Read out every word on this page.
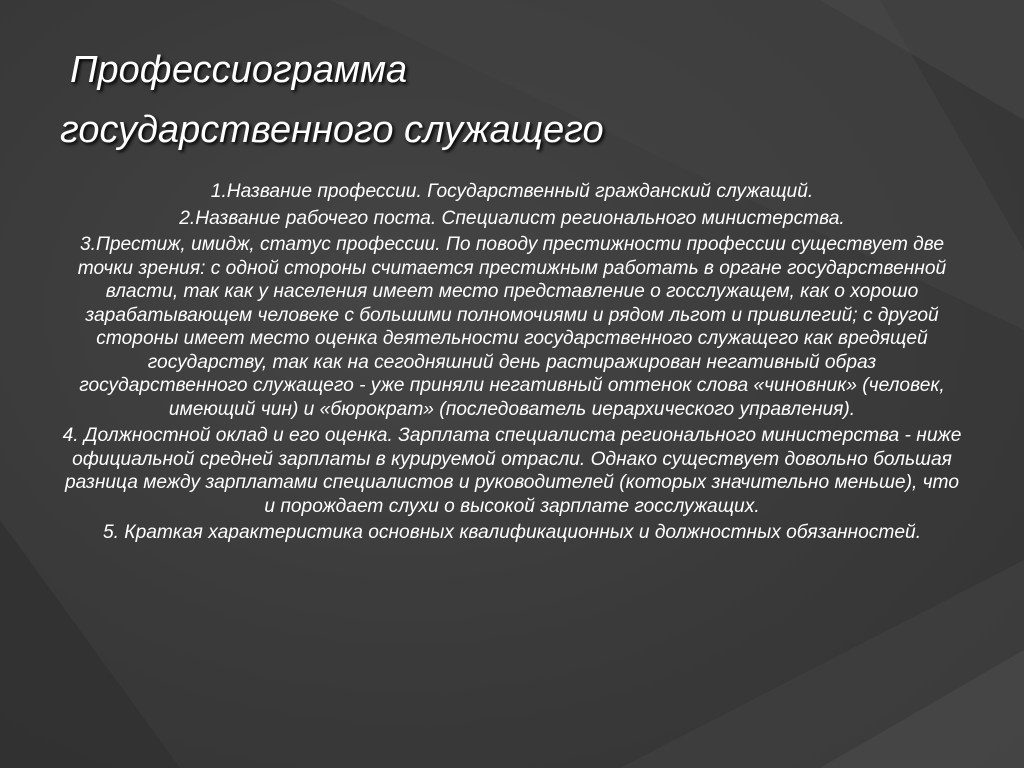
Профессиограмма
государственного служащего

1.Название профессии. Государственный гражданский служащий.

2.Название рабочего поста. Специалист регионального министерства.

3.Престиж, имидж, статус профессии. По поводу престижности профессии существует две точки зрения: с одной стороны считается престижным работать в органе государственной власти, так как у населения имеет место представление о госслужащем, как о хорошо зарабатывающем человеке с большими полномочиями и рядом льгот и привилегий; с другой стороны имеет место оценка деятельности государственного служащего как вредящей государству, так как на сегодняшний день растиражирован негативный образ государственного служащего - уже приняли негативный оттенок слова «чиновник» (человек, имеющий чин) и «бюрократ» (последователь иерархического управления).

4. Должностной оклад и его оценка. Зарплата специалиста регионального министерства - ниже официальной средней зарплаты в курируемой отрасли. Однако существует довольно большая разница между зарплатами специалистов и руководителей (которых значительно меньше), что и порождает слухи о высокой зарплате госслужащих.

5. Краткая характеристика основных квалификационных и должностных обязанностей.
